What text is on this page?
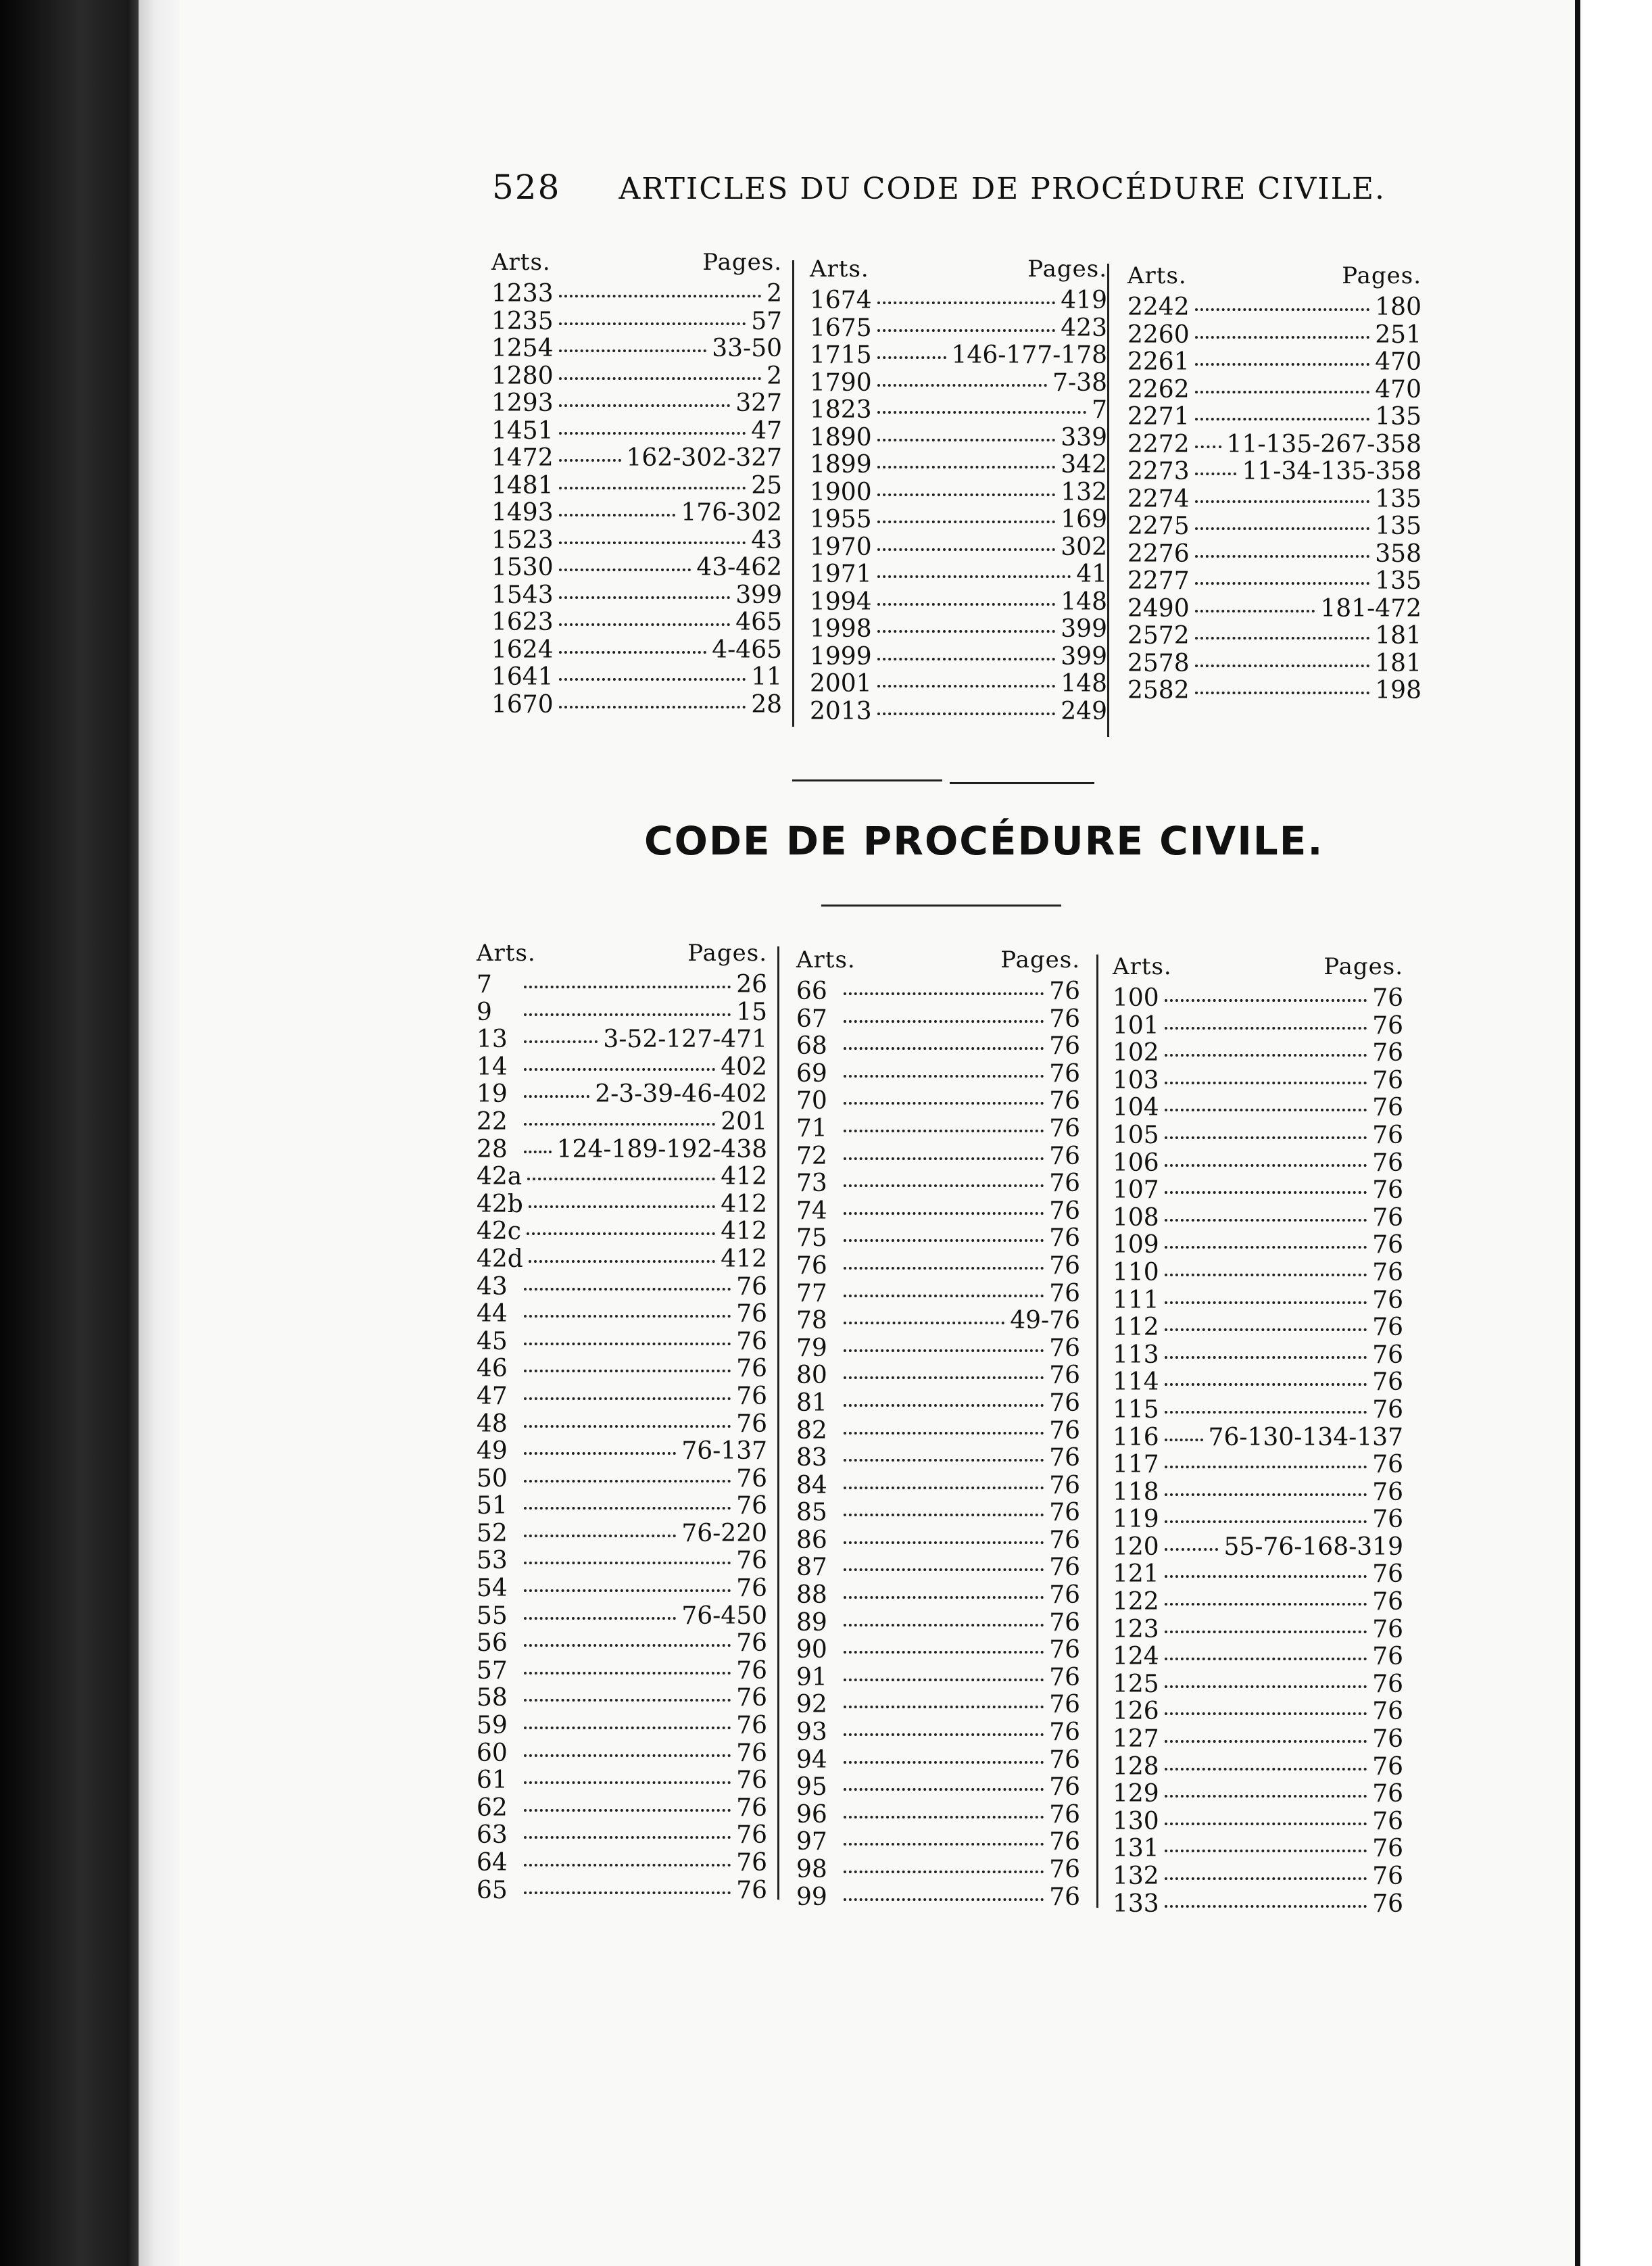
528 ARTICLES DU CODE DE PROCÉDURE CIVILE.
Arts.	Pages.
1233	2
1235	57
1254	33-50
1280	2
1293	327
1451	47
1472	162-302-327
1481	25
1493	176-302
1523	43
1530	43-462
1543	399
1623	465
1624	4-465
1641	11
1670	28
Arts.	Pages.
1674	419
1675	423
1715	146-177-178
1790	7-38
1823	7
1890	339
1899	342
1900	132
1955	169
1970	302
1971	41
1994	148
1998	399
1999	399
2001	148
2013	249
Arts.	Pages.
2242	180
2260	251
2261	470
2262	470
2271	135
2272 11-135-267-358
2273 11-34-135-358
2274	135
2275	135
2276	358
2277	135
2490	181-472
2572	181
2578	181
2582	198
CODE DE PROCÉDURE CIVILE.
Arts.	Pages.
7	26
9	15
13	3-52-127-471
14	402
19	2-3-39-46-402
22	201
28	124-189-192-438
42a	412
42b	412
42c	412
42d	412
43	76
44	76
45	76
46	76
47	76
48	76
49	76-137
50	76
51	76
52	76-220
53	76
54	76
55	76-450
56	76
57	76
58	76
59	76
60	76
61	76
62	76
63	76
64	76
65	76
Arts.	Pages.
66	76
67	76
68	76
69	76
70	76
71	76
72	76
73	76
74	76
75	76
76	76
77	76
78	49-76
79	76
80	76
81	76
82	76
83	76
84	76
85	76
86	76
87	76
88	76
89	76
90	76
91	76
92	76
93	76
94	76
95	76
96	76
97	76
98	76
99	76
Arts.	Pages.
100	76
101	76
102	76
103	76
104	76
105	76
106	76
107	76
108	76
109	76
110	76
111	76
112	76
113	76
114	76
115	76
116 76-130-134-137
117	76
118	76
119	76
120	55-76-168-319
121	76
122	76
123	76
124	76
125	76
126	76
127	76
128	76
129	76
130	76
131	76
132	76
133	76
